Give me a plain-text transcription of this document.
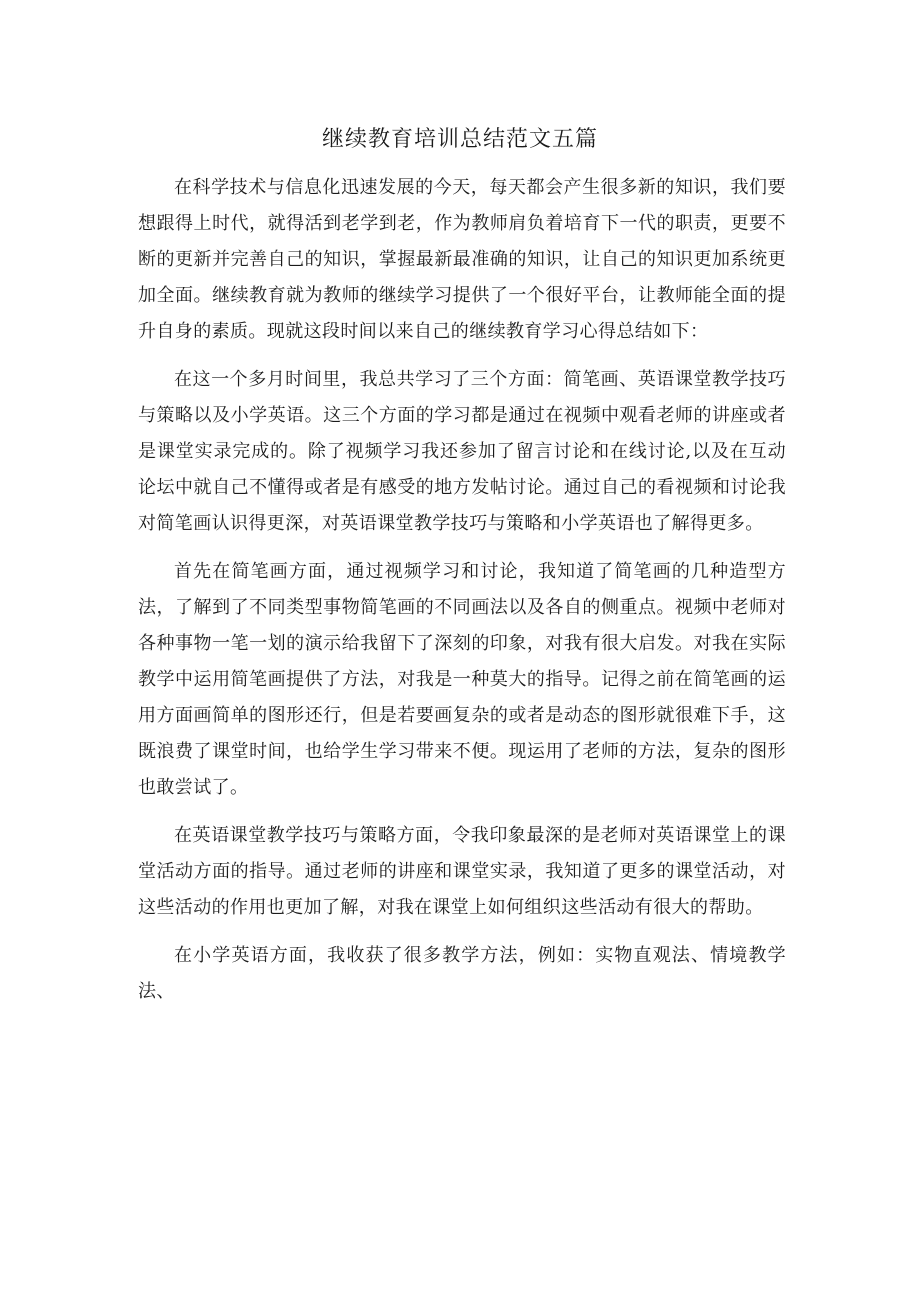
继续教育培训总结范文五篇

在科学技术与信息化迅速发展的今天，每天都会产生很多新的知识，我们要想跟得上时代，就得活到老学到老，作为教师肩负着培育下一代的职责，更要不断的更新并完善自己的知识，掌握最新最准确的知识，让自己的知识更加系统更加全面。继续教育就为教师的继续学习提供了一个很好平台，让教师能全面的提升自身的素质。现就这段时间以来自己的继续教育学习心得总结如下：

在这一个多月时间里，我总共学习了三个方面：简笔画、英语课堂教学技巧与策略以及小学英语。这三个方面的学习都是通过在视频中观看老师的讲座或者是课堂实录完成的。除了视频学习我还参加了留言讨论和在线讨论,以及在互动论坛中就自己不懂得或者是有感受的地方发帖讨论。通过自己的看视频和讨论我对简笔画认识得更深，对英语课堂教学技巧与策略和小学英语也了解得更多。

首先在简笔画方面，通过视频学习和讨论，我知道了简笔画的几种造型方法，了解到了不同类型事物简笔画的不同画法以及各自的侧重点。视频中老师对各种事物一笔一划的演示给我留下了深刻的印象，对我有很大启发。对我在实际教学中运用简笔画提供了方法，对我是一种莫大的指导。记得之前在简笔画的运用方面画简单的图形还行，但是若要画复杂的或者是动态的图形就很难下手，这既浪费了课堂时间，也给学生学习带来不便。现运用了老师的方法，复杂的图形也敢尝试了。

在英语课堂教学技巧与策略方面，令我印象最深的是老师对英语课堂上的课堂活动方面的指导。通过老师的讲座和课堂实录，我知道了更多的课堂活动，对这些活动的作用也更加了解，对我在课堂上如何组织这些活动有很大的帮助。

在小学英语方面，我收获了很多教学方法，例如：实物直观法、情境教学法、
